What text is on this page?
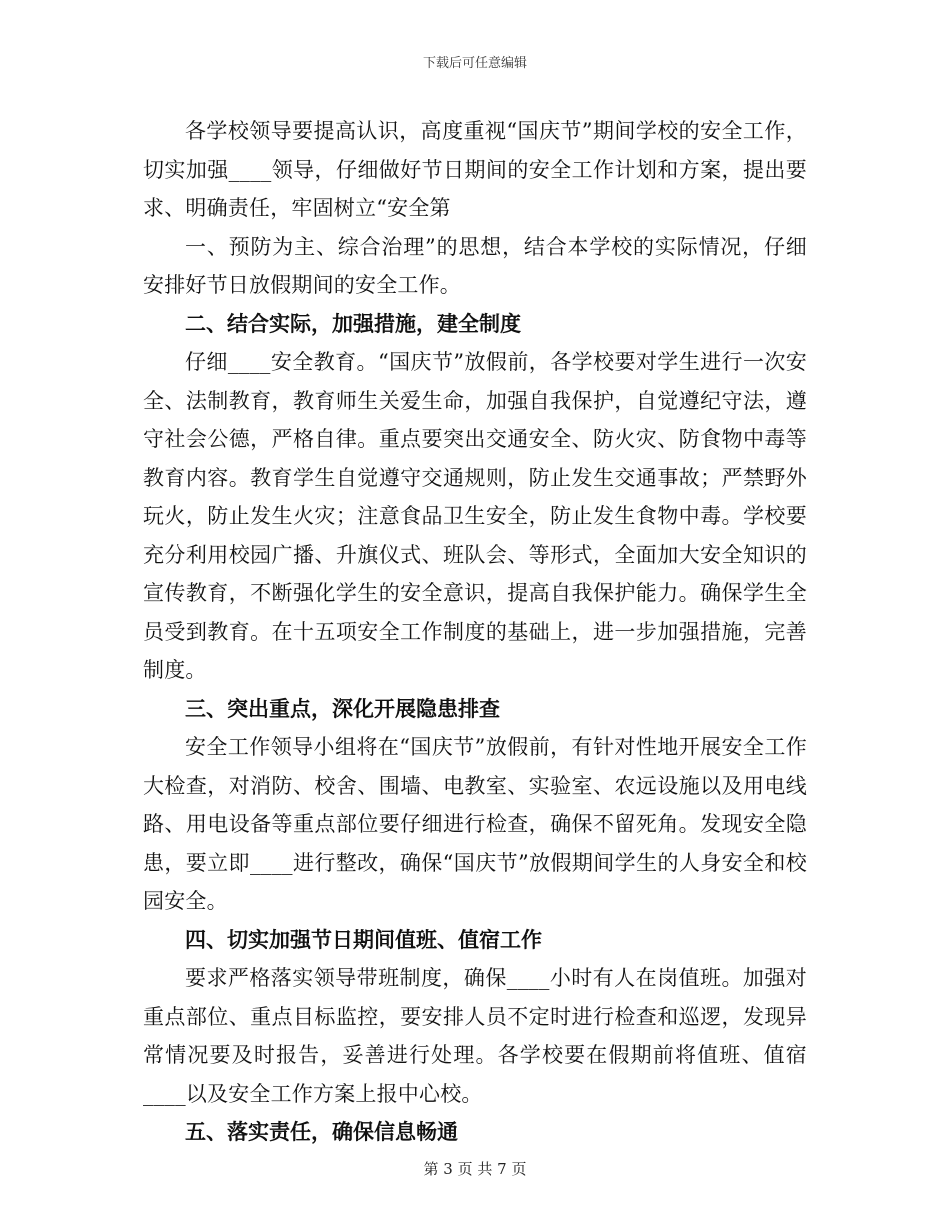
下载后可任意编辑

各学校领导要提高认识，高度重视“国庆节”期间学校的安全工作，切实加强____领导，仔细做好节日期间的安全工作计划和方案，提出要求、明确责任，牢固树立“安全第

一、预防为主、综合治理”的思想，结合本学校的实际情况，仔细安排好节日放假期间的安全工作。

二、结合实际，加强措施，建全制度

仔细____安全教育。“国庆节”放假前，各学校要对学生进行一次安全、法制教育，教育师生关爱生命，加强自我保护，自觉遵纪守法，遵守社会公德，严格自律。重点要突出交通安全、防火灾、防食物中毒等教育内容。教育学生自觉遵守交通规则，防止发生交通事故；严禁野外玩火，防止发生火灾；注意食品卫生安全，防止发生食物中毒。学校要充分利用校园广播、升旗仪式、班队会、等形式，全面加大安全知识的宣传教育，不断强化学生的安全意识，提高自我保护能力。确保学生全员受到教育。在十五项安全工作制度的基础上，进一步加强措施，完善制度。

三、突出重点，深化开展隐患排查

安全工作领导小组将在“国庆节”放假前，有针对性地开展安全工作大检查，对消防、校舍、围墙、电教室、实验室、农远设施以及用电线路、用电设备等重点部位要仔细进行检查，确保不留死角。发现安全隐患，要立即____进行整改，确保“国庆节”放假期间学生的人身安全和校园安全。

四、切实加强节日期间值班、值宿工作

要求严格落实领导带班制度，确保____小时有人在岗值班。加强对重点部位、重点目标监控，要安排人员不定时进行检查和巡逻，发现异常情况要及时报告，妥善进行处理。各学校要在假期前将值班、值宿____以及安全工作方案上报中心校。

五、落实责任，确保信息畅通

第 3 页 共 7 页
